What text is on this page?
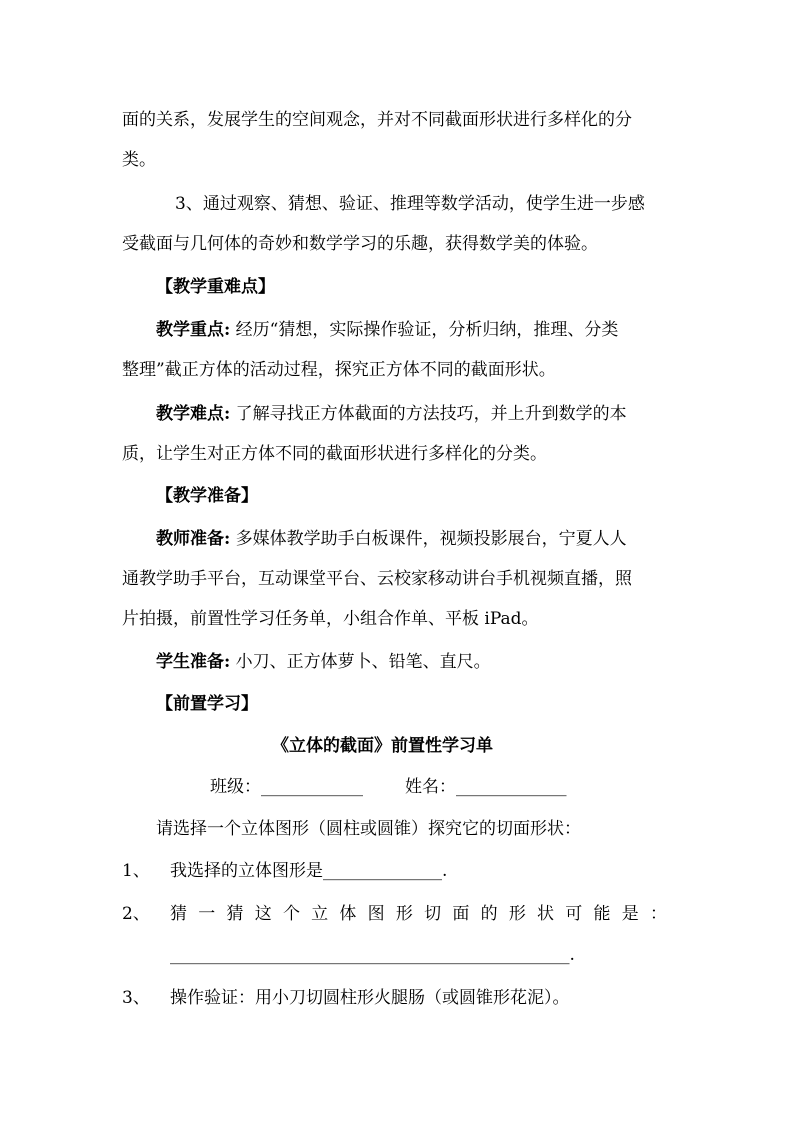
面的关系，发展学生的空间观念，并对不同截面形状进行多样化的分
类。
3、通过观察、猜想、验证、推理等数学活动，使学生进一步感
受截面与几何体的奇妙和数学学习的乐趣，获得数学美的体验。
【教学重难点】
教学重点: 经历“猜想，实际操作验证，分析归纳，推理、分类
整理”截正方体的活动过程，探究正方体不同的截面形状。
教学难点: 了解寻找正方体截面的方法技巧，并上升到数学的本
质，让学生对正方体不同的截面形状进行多样化的分类。
【教学准备】
教师准备: 多媒体教学助手白板课件，视频投影展台，宁夏人人
通教学助手平台，互动课堂平台、云校家移动讲台手机视频直播，照
片拍摄，前置性学习任务单，小组合作单、平板 iPad。
学生准备: 小刀、正方体萝卜、铅笔、直尺。
【前置学习】
《立体的截面》前置性学习单
班级：____________ 姓名：_____________
请选择一个立体图形（圆柱或圆锥）探究它的切面形状：
1、 我选择的立体图形是______________.
2、 猜 一 猜 这 个 立 体 图 形 切 面 的 形 状 可 能 是 ：
_______________________________________________.
3、 操作验证：用小刀切圆柱形火腿肠（或圆锥形花泥）。
